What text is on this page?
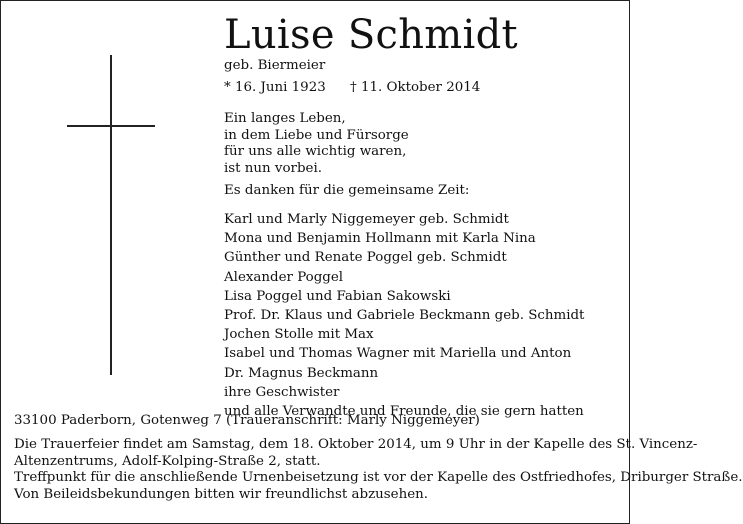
Luise Schmidt
geb. Biermeier
* 16. Juni 1923 † 11. Oktober 2014
Ein langes Leben,
in dem Liebe und Fürsorge
für uns alle wichtig waren,
ist nun vorbei.
Es danken für die gemeinsame Zeit:
Karl und Marly Niggemeyer geb. Schmidt
Mona und Benjamin Hollmann mit Karla Nina
Günther und Renate Poggel geb. Schmidt
Alexander Poggel
Lisa Poggel und Fabian Sakowski
Prof. Dr. Klaus und Gabriele Beckmann geb. Schmidt
Jochen Stolle mit Max
Isabel und Thomas Wagner mit Mariella und Anton
Dr. Magnus Beckmann
ihre Geschwister
und alle Verwandte und Freunde, die sie gern hatten
33100 Paderborn, Gotenweg 7 (Traueranschrift: Marly Niggemeyer)
Die Trauerfeier findet am Samstag, dem 18. Oktober 2014, um 9 Uhr in der Kapelle des St. Vincenz-
Altenzentrums, Adolf-Kolping-Straße 2, statt.
Treffpunkt für die anschließende Urnenbeisetzung ist vor der Kapelle des Ostfriedhofes, Driburger Straße.
Von Beileidsbekundungen bitten wir freundlichst abzusehen.
